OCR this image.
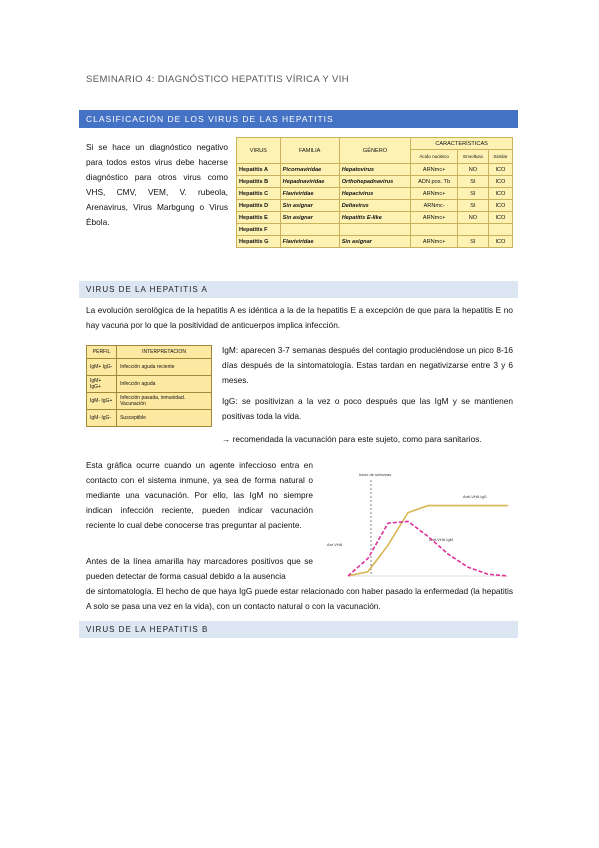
SEMINARIO 4: DIAGNÓSTICO HEPATITIS VÍRICA Y VIH
CLASIFICACIÓN DE LOS VIRUS DE LAS HEPATITIS
Si se hace un diagnóstico negativo para todos estos virus debe hacerse diagnóstico para otros virus como VHS, CMV, VEM, V. rubeola, Arenavirus, Virus Marbgung o Virus Ébola.
VIRUS	FAMILIA	GÉNERO	CARACTERÍSTICAS		
			Ácido nucleico	Envoltura	Similar
Hepatitis A	Picornaviridae	Hepatovirus	ARNmc+	NO	ICO
Hepatitis B	Hepadnaviridae	Orthohepadnavirus	ADN pos. Tb	SI	ICO
Hepatitis C	Flaviviridae	Hepacivirus	ARNmc+	SI	ICO
Hepatitis D	Sin asignar	Deltavirus	ARNmc-	SI	ICO
Hepatitis E	Sin asignar	Hepatitis E-like	ARNmc+	NO	ICO
Hepatitis F					
Hepatitis G	Flaviviridae	Sin asignar	ARNmc+	SI	ICO
VIRUS DE LA HEPATITIS A
La evolución serológica de la hepatitis A es idéntica a la de la hepatitis E a excepción de que para la hepatitis E no hay vacuna por lo que la positividad de anticuerpos implica infección.
PERFIL	INTERPRETACION
IgM+ IgG-	Infección aguda reciente
IgM+ IgG+	Infección aguda
IgM- IgG+	Infección pasada, inmunidad. Vacunación
IgM- IgG-	Susceptible
IgM: aparecen 3-7 semanas después del contagio produciéndose un pico 8-16 días después de la sintomatología. Estas tardan en negativizarse entre 3 y 6 meses.
IgG: se positivizan a la vez o poco después que las IgM y se mantienen positivas toda la vida.
→ recomendada la vacunación para este sujeto, como para sanitarios.
Esta gráfica ocurre cuando un agente infeccioso entra en contacto con el sistema inmune, ya sea de forma natural o mediante una vacunación. Por ello, las IgM no siempre indican infección reciente, pueden indicar vacunación reciente lo cual debe conocerse tras preguntar al paciente.
Antes de la línea amarilla hay marcadores positivos que se pueden detectar de forma casual debido a la ausencia
de sintomatología. El hecho de que haya IgG puede estar relacionado con haber pasado la enfermedad (la hepatitis A solo se pasa una vez en la vida), con un contacto natural o con la vacunación.
Inicio de síntomas
Anti-VHA IgG
Anti-VHA IgM
Ant VHA
VIRUS DE LA HEPATITIS B
